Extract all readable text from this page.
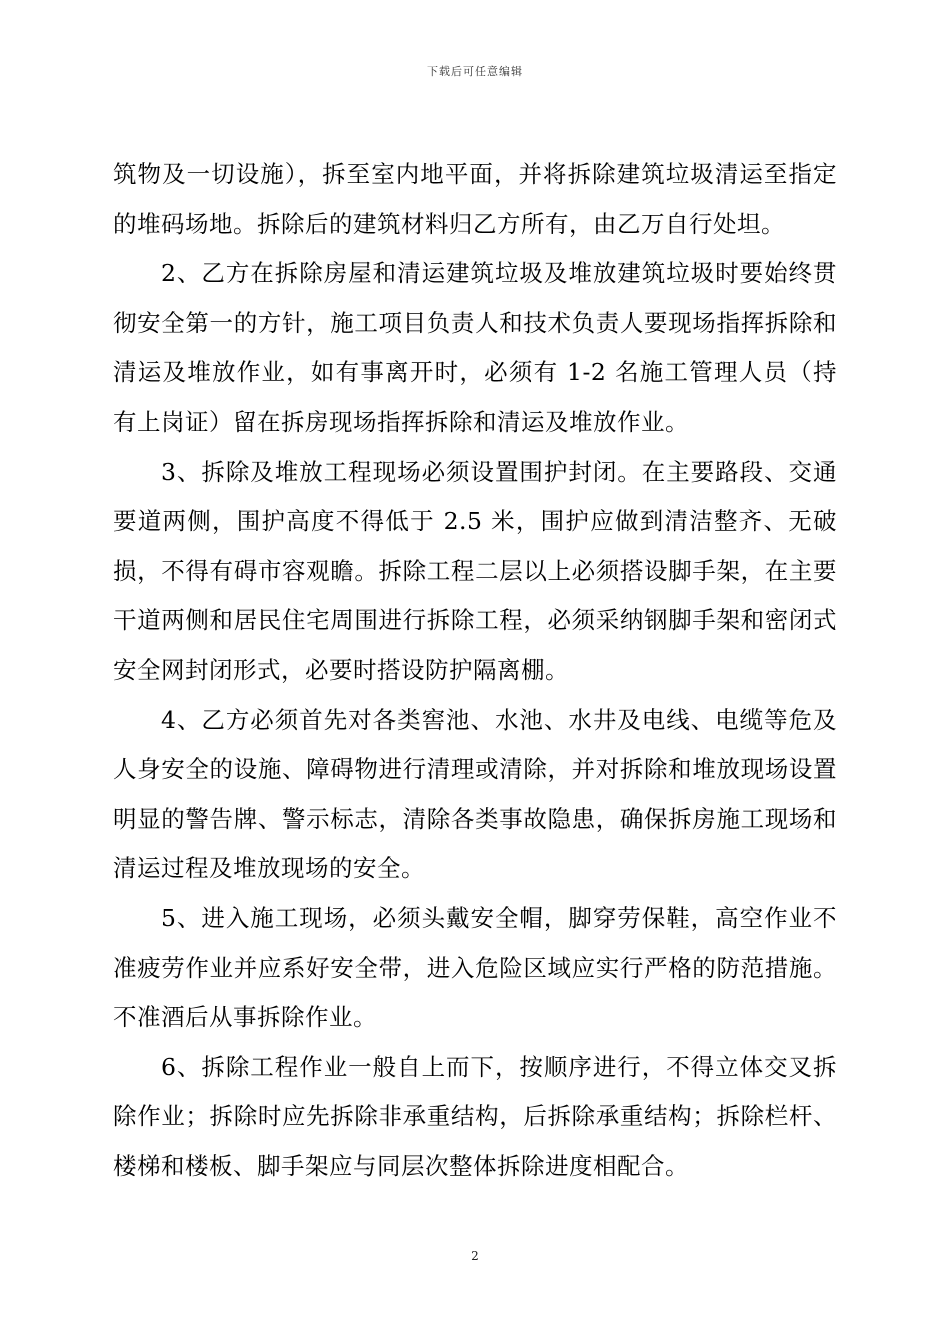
下载后可任意编辑

筑物及一切设施），拆至室内地平面，并将拆除建筑垃圾清运至指定的堆码场地。拆除后的建筑材料归乙方所有，由乙万自行处坦。

2、乙方在拆除房屋和清运建筑垃圾及堆放建筑垃圾时要始终贯彻安全第一的方针，施工项目负责人和技术负责人要现场指挥拆除和清运及堆放作业，如有事离开时，必须有 1-2 名施工管理人员（持有上岗证）留在拆房现场指挥拆除和清运及堆放作业。

3、拆除及堆放工程现场必须设置围护封闭。在主要路段、交通要道两侧，围护高度不得低于 2.5 米，围护应做到清洁整齐、无破损，不得有碍市容观瞻。拆除工程二层以上必须搭设脚手架，在主要干道两侧和居民住宅周围进行拆除工程，必须采纳钢脚手架和密闭式安全网封闭形式，必要时搭设防护隔离棚。

4、乙方必须首先对各类窖池、水池、水井及电线、电缆等危及人身安全的设施、障碍物进行清理或清除，并对拆除和堆放现场设置明显的警告牌、警示标志，清除各类事故隐患，确保拆房施工现场和清运过程及堆放现场的安全。

5、进入施工现场，必须头戴安全帽，脚穿劳保鞋，高空作业不准疲劳作业并应系好安全带，进入危险区域应实行严格的防范措施。不准酒后从事拆除作业。

6、拆除工程作业一般自上而下，按顺序进行，不得立体交叉拆除作业；拆除时应先拆除非承重结构，后拆除承重结构；拆除栏杆、楼梯和楼板、脚手架应与同层次整体拆除进度相配合。

2
